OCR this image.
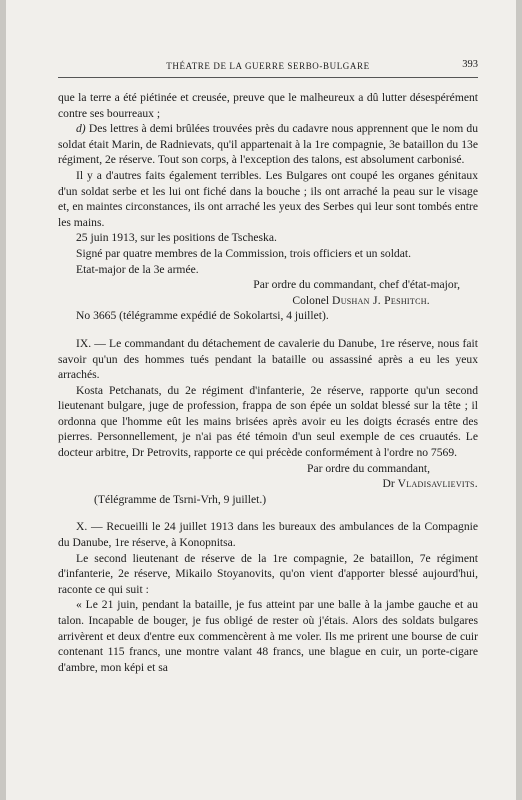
THÉATRE DE LA GUERRE SERBO-BULGARE	393

que la terre a été piétinée et creusée, preuve que le malheureux a dû lutter désespérément contre ses bourreaux ;

d) Des lettres à demi brûlées trouvées près du cadavre nous apprennent que le nom du soldat était Marin, de Radnievats, qu'il appartenait à la 1re compagnie, 3e bataillon du 13e régiment, 2e réserve. Tout son corps, à l'exception des talons, est absolument carbonisé.

Il y a d'autres faits également terribles. Les Bulgares ont coupé les organes génitaux d'un soldat serbe et les lui ont fiché dans la bouche ; ils ont arraché la peau sur le visage et, en maintes circonstances, ils ont arraché les yeux des Serbes qui leur sont tombés entre les mains.

25 juin 1913, sur les positions de Tscheska.

Signé par quatre membres de la Commission, trois officiers et un soldat.

Etat-major de la 3e armée.

Par ordre du commandant, chef d'état-major,

Colonel Dushan J. Peshitch.

No 3665 (télégramme expédié de Sokolartsi, 4 juillet).

IX. — Le commandant du détachement de cavalerie du Danube, 1re réserve, nous fait savoir qu'un des hommes tués pendant la bataille ou assassiné après a eu les yeux arrachés.

Kosta Petchanats, du 2e régiment d'infanterie, 2e réserve, rapporte qu'un second lieutenant bulgare, juge de profession, frappa de son épée un soldat blessé sur la tête ; il ordonna que l'homme eût les mains brisées après avoir eu les doigts écrasés entre des pierres. Personnellement, je n'ai pas été témoin d'un seul exemple de ces cruautés. Le docteur arbitre, Dr Petrovits, rapporte ce qui précède conformément à l'ordre no 7569.

Par ordre du commandant,

Dr Vladisavlievits.

(Télégramme de Tsrni-Vrh, 9 juillet.)

X. — Recueilli le 24 juillet 1913 dans les bureaux des ambulances de la Compagnie du Danube, 1re réserve, à Konopnitsa.

Le second lieutenant de réserve de la 1re compagnie, 2e bataillon, 7e régiment d'infanterie, 2e réserve, Mikailo Stoyanovits, qu'on vient d'apporter blessé aujourd'hui, raconte ce qui suit :

« Le 21 juin, pendant la bataille, je fus atteint par une balle à la jambe gauche et au talon. Incapable de bouger, je fus obligé de rester où j'étais. Alors des soldats bulgares arrivèrent et deux d'entre eux commencèrent à me voler. Ils me prirent une bourse de cuir contenant 115 francs, une montre valant 48 francs, une blague en cuir, un porte-cigare d'ambre, mon képi et sa
